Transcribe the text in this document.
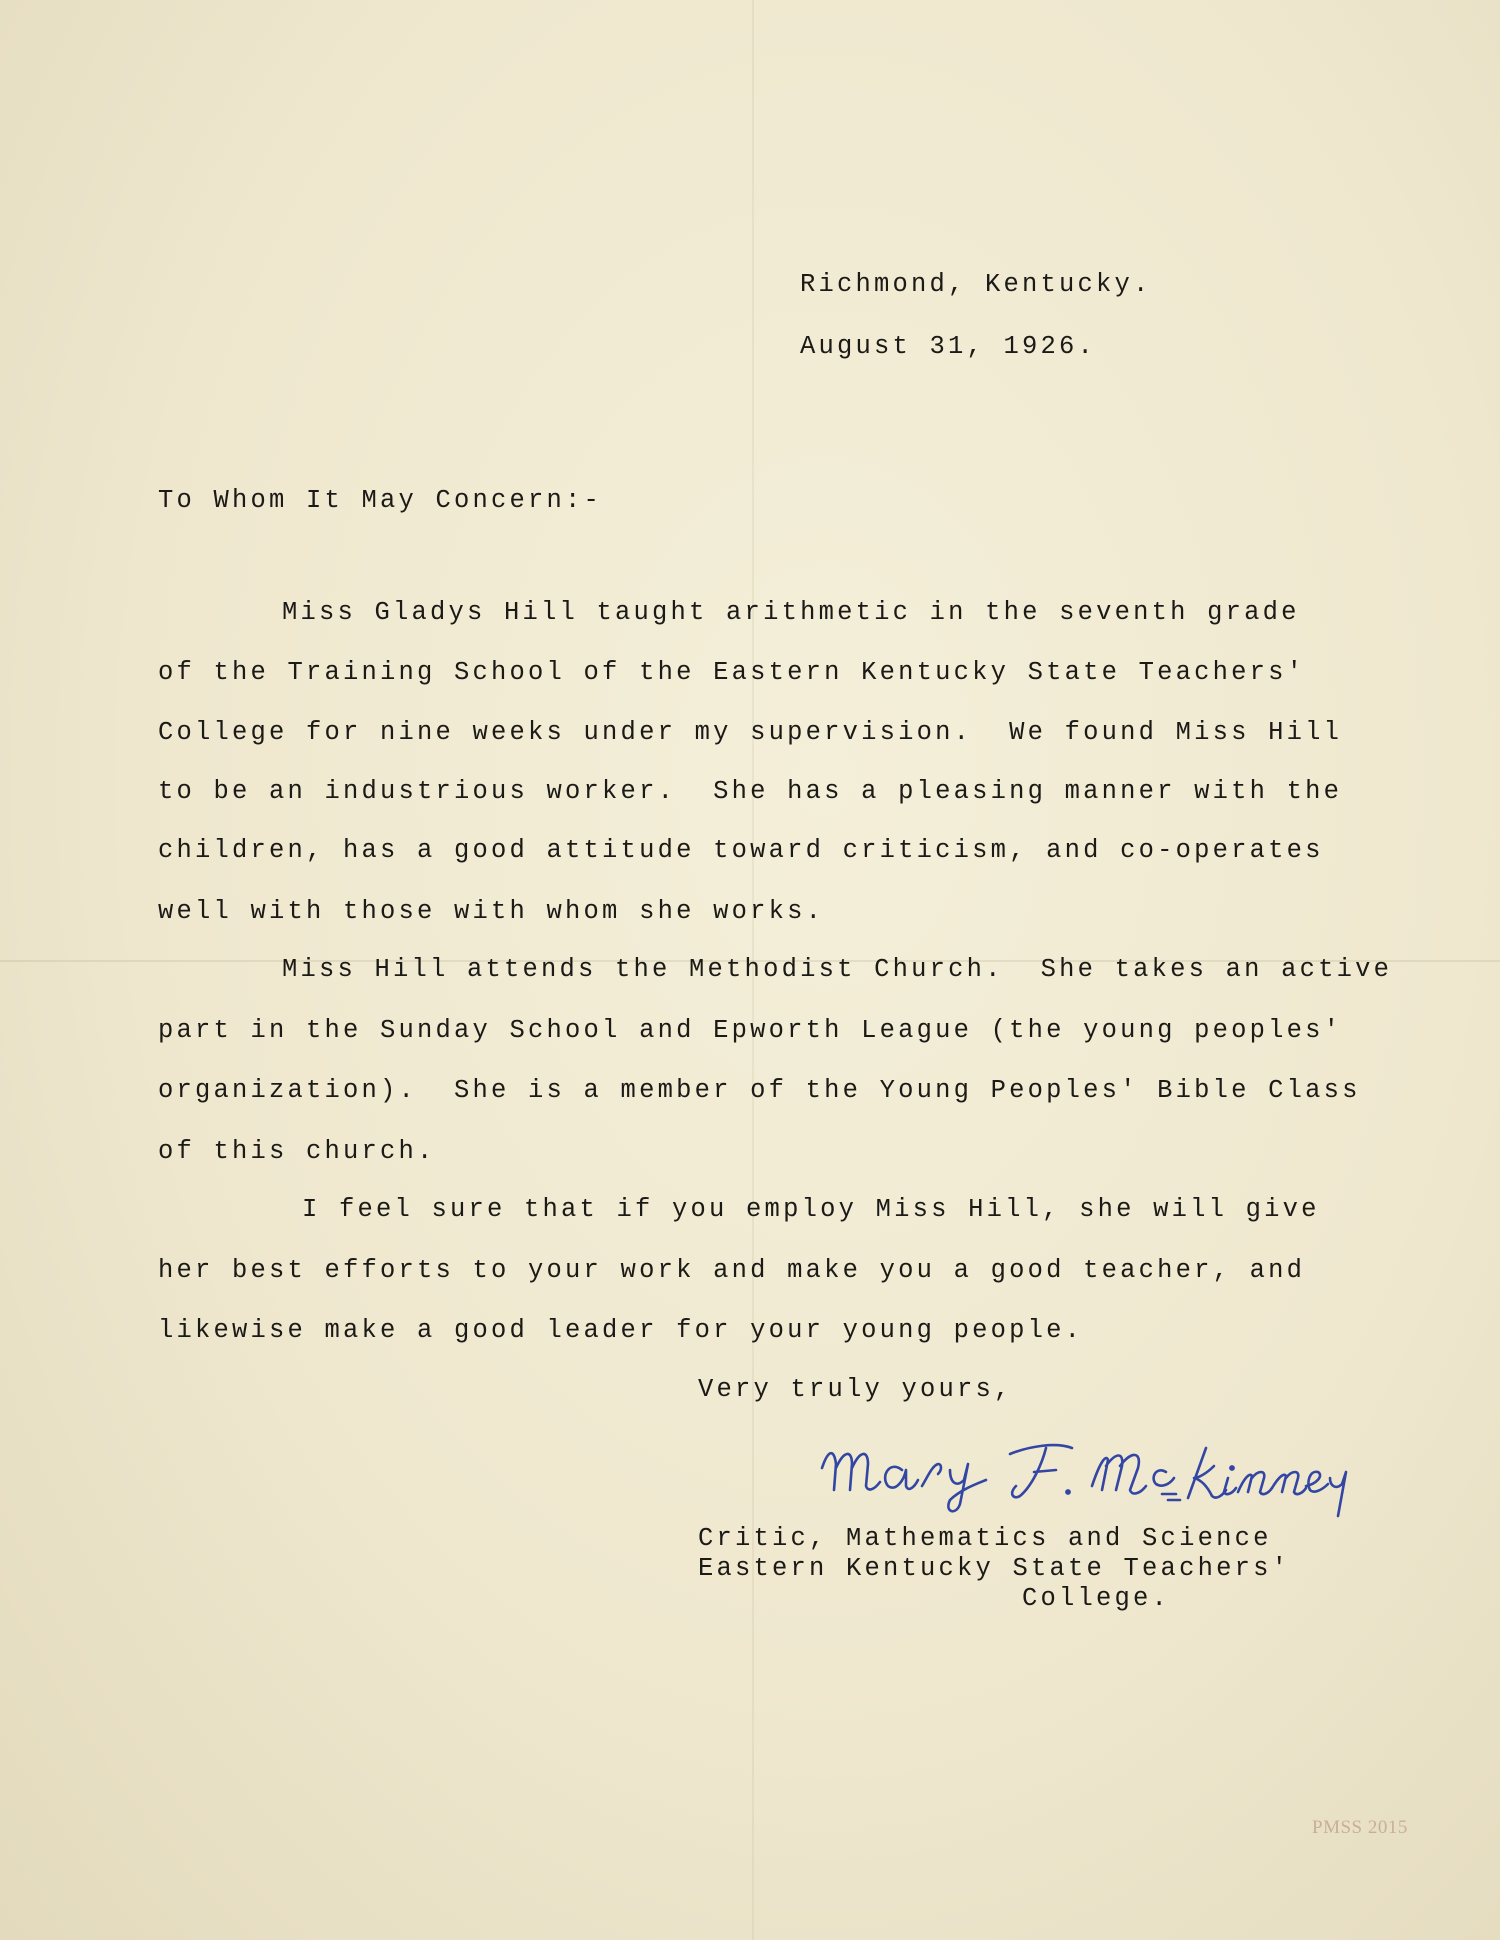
Richmond, Kentucky.
August 31, 1926.
To Whom It May Concern:-
Miss Gladys Hill taught arithmetic in the seventh grade
of the Training School of the Eastern Kentucky State Teachers'
College for nine weeks under my supervision.  We found Miss Hill
to be an industrious worker.  She has a pleasing manner with the
children, has a good attitude toward criticism, and co-operates
well with those with whom she works.
Miss Hill attends the Methodist Church.  She takes an active
part in the Sunday School and Epworth League (the young peoples'
organization).  She is a member of the Young Peoples' Bible Class
of this church.
I feel sure that if you employ Miss Hill, she will give
her best efforts to your work and make you a good teacher, and
likewise make a good leader for your young people.
Very truly yours,
Critic, Mathematics and Science
Eastern Kentucky State Teachers'
College.
PMSS 2015
